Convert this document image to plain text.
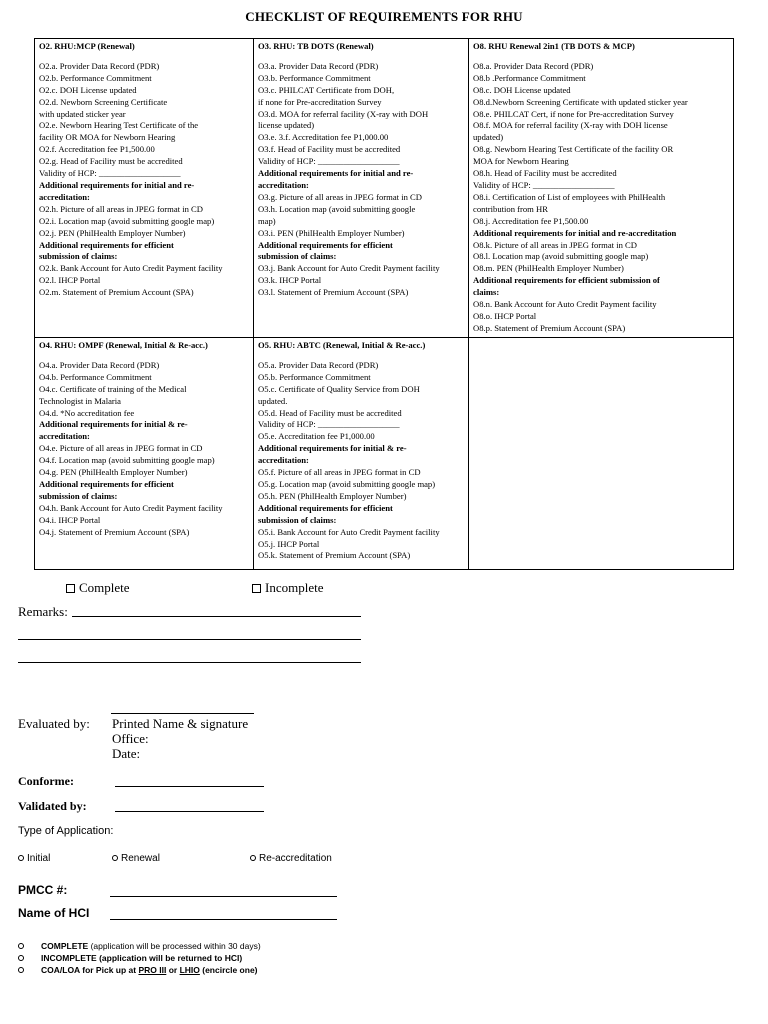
CHECKLIST OF REQUIREMENTS FOR RHU
O2. RHU:MCP (Renewal)
O2.a. Provider Data Record (PDR)
O2.b. Performance Commitment
O2.c. DOH License updated
O2.d. Newborn Screening Certificate
with updated sticker year
O2.e. Newborn Hearing Test Certificate of the
facility OR MOA for Newborn Hearing
O2.f. Accreditation fee P1,500.00
O2.g. Head of Facility must be accredited
Validity of HCP: ___________________
Additional requirements for initial and re-
accreditation:
O2.h. Picture of all areas in JPEG format in CD
O2.i. Location map (avoid submitting google map)
O2.j. PEN (PhilHealth Employer Number)
Additional requirements for efficient
submission of claims:
O2.k. Bank Account for Auto Credit Payment facility
O2.l. IHCP Portal
O2.m. Statement of Premium Account (SPA)
O3. RHU: TB DOTS (Renewal)
O3.a. Provider Data Record (PDR)
O3.b. Performance Commitment
O3.c. PHILCAT Certificate from DOH,
if none for Pre-accreditation Survey
O3.d. MOA for referral facility (X-ray with DOH
license updated)
O3.e. 3.f. Accreditation fee P1,000.00
O3.f. Head of Facility must be accredited
Validity of HCP: ___________________
Additional requirements for initial and re-
accreditation:
O3.g. Picture of all areas in JPEG format in CD
O3.h. Location map (avoid submitting google
map)
O3.i. PEN (PhilHealth Employer Number)
Additional requirements for efficient
submission of claims:
O3.j. Bank Account for Auto Credit Payment facility
O3.k. IHCP Portal
O3.l. Statement of Premium Account (SPA)
O8. RHU Renewal 2in1 (TB DOTS & MCP)
O8.a. Provider Data Record (PDR)
O8.b .Performance Commitment
O8.c. DOH License updated
O8.d.Newborn Screening Certificate with updated sticker year
O8.e. PHILCAT Cert, if none for Pre-accreditation Survey
O8.f. MOA for referral facility (X-ray with DOH license
updated)
O8.g. Newborn Hearing Test Certificate of the facility OR
MOA for Newborn Hearing
O8.h. Head of Facility must be accredited
Validity of HCP: ___________________
O8.i. Certification of List of employees with PhilHealth
contribution from HR
O8.j. Accreditation fee P1,500.00
Additional requirements for initial and re-accreditation
O8.k. Picture of all areas in JPEG format in CD
O8.l. Location map (avoid submitting google map)
O8.m. PEN (PhilHealth Employer Number)
Additional requirements for efficient submission of
claims:
O8.n. Bank Account for Auto Credit Payment facility
O8.o. IHCP Portal
O8.p. Statement of Premium Account (SPA)
O4. RHU: OMPF (Renewal, Initial & Re-acc.)
O4.a. Provider Data Record (PDR)
O4.b. Performance Commitment
O4.c. Certificate of training of the Medical
Technologist in Malaria
O4.d. *No accreditation fee
Additional requirements for initial & re-
accreditation:
O4.e. Picture of all areas in JPEG format in CD
O4.f. Location map (avoid submitting google map)
O4.g. PEN (PhilHealth Employer Number)
Additional requirements for efficient
submission of claims:
O4.h. Bank Account for Auto Credit Payment facility
O4.i. IHCP Portal
O4.j. Statement of Premium Account (SPA)
O5. RHU: ABTC (Renewal, Initial & Re-acc.)
O5.a. Provider Data Record (PDR)
O5.b. Performance Commitment
O5.c. Certificate of Quality Service from DOH
updated.
O5.d. Head of Facility must be accredited
Validity of HCP: ___________________
O5.e. Accreditation fee P1,000.00
Additional requirements for initial & re-
accreditation:
O5.f. Picture of all areas in JPEG format in CD
O5.g. Location map (avoid submitting google map)
O5.h. PEN (PhilHealth Employer Number)
Additional requirements for efficient
submission of claims:
O5.i. Bank Account for Auto Credit Payment facility
O5.j. IHCP Portal
O5.k. Statement of Premium Account (SPA)
Complete	Incomplete
Remarks:
Evaluated by: Printed Name & signature
Office:
Date:
Conforme:
Validated by:
Type of Application:
Initial	Renewal	Re-accreditation
PMCC #:
Name of HCI
COMPLETE (application will be processed within 30 days)
INCOMPLETE (application will be returned to HCI)
COA/LOA for Pick up at PRO III or LHIO (encircle one)
